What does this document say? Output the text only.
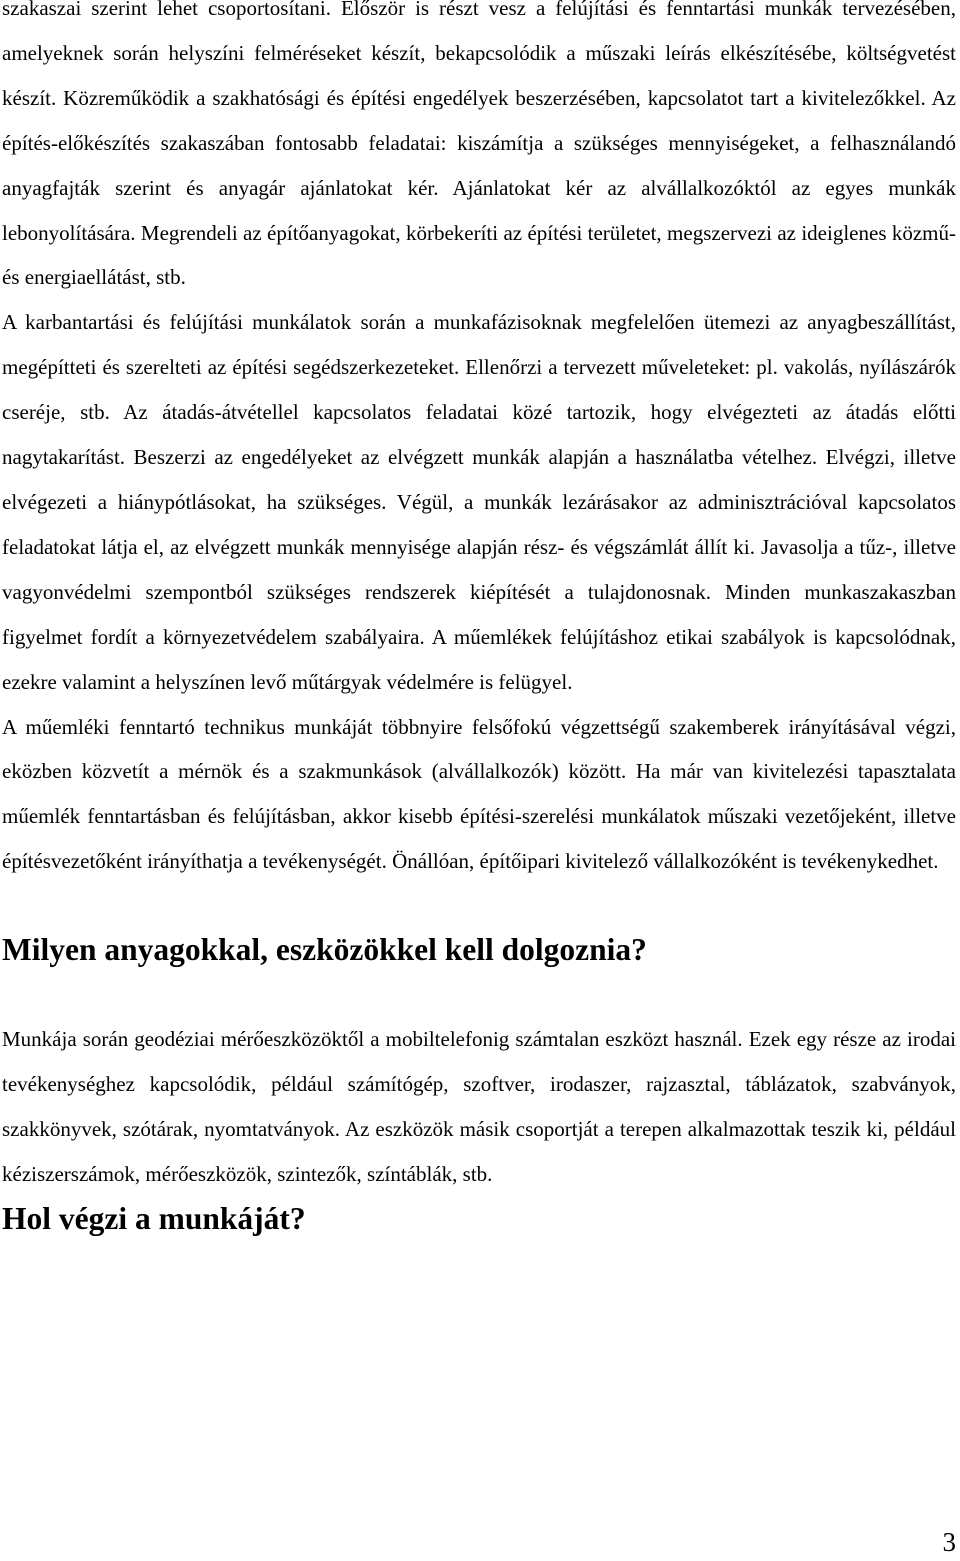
szakaszai szerint lehet csoportosítani. Először is részt vesz a felújítási és fenntartási munkák tervezésében, amelyeknek során helyszíni felméréseket készít, bekapcsolódik a műszaki leírás elkészítésébe, költségvetést készít. Közreműködik a szakhatósági és építési engedélyek beszerzésében, kapcsolatot tart a kivitelezőkkel. Az építés-előkészítés szakaszában fontosabb feladatai: kiszámítja a szükséges mennyiségeket, a felhasználandó anyagfajták szerint és anyagár ajánlatokat kér. Ajánlatokat kér az alvállalkozóktól az egyes munkák lebonyolítására. Megrendeli az építőanyagokat, körbekeríti az építési területet, megszervezi az ideiglenes közmű- és energiaellátást, stb.

A karbantartási és felújítási munkálatok során a munkafázisoknak megfelelően ütemezi az anyagbeszállítást, megépítteti és szerelteti az építési segédszerkezeteket. Ellenőrzi a tervezett műveleteket: pl. vakolás, nyílászárók cseréje, stb. Az átadás-átvétellel kapcsolatos feladatai közé tartozik, hogy elvégezteti az átadás előtti nagytakarítást. Beszerzi az engedélyeket az elvégzett munkák alapján a használatba vételhez. Elvégzi, illetve elvégezeti a hiánypótlásokat, ha szükséges. Végül, a munkák lezárásakor az adminisztrációval kapcsolatos feladatokat látja el, az elvégzett munkák mennyisége alapján rész- és végszámlát állít ki. Javasolja a tűz-, illetve vagyonvédelmi szempontból szükséges rendszerek kiépítését a tulajdonosnak. Minden munkaszakaszban figyelmet fordít a környezetvédelem szabályaira. A műemlékek felújításhoz etikai szabályok is kapcsolódnak, ezekre valamint a helyszínen levő műtárgyak védelmére is felügyel.

A műemléki fenntartó technikus munkáját többnyire felsőfokú végzettségű szakemberek irányításával végzi, eközben közvetít a mérnök és a szakmunkások (alvállalkozók) között. Ha már van kivitelezési tapasztalata műemlék fenntartásban és felújításban, akkor kisebb építési-szerelési munkálatok műszaki vezetőjeként, illetve építésvezetőként irányíthatja a tevékenységét. Önállóan, építőipari kivitelező vállalkozóként is tevékenykedhet.

Milyen anyagokkal, eszközökkel kell dolgoznia?

Munkája során geodéziai mérőeszközöktől a mobiltelefonig számtalan eszközt használ. Ezek egy része az irodai tevékenységhez kapcsolódik, például számítógép, szoftver, irodaszer, rajzasztal, táblázatok, szabványok, szakkönyvek, szótárak, nyomtatványok. Az eszközök másik csoportját a terepen alkalmazottak teszik ki, például kéziszerszámok, mérőeszközök, szintezők, színtáblák, stb.

Hol végzi a munkáját?
3
